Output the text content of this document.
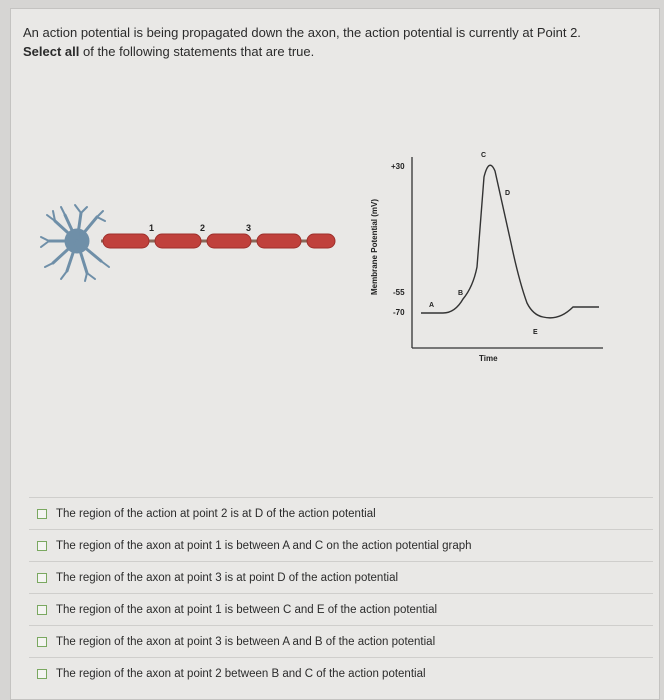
An action potential is being propagated down the axon, the action potential is currently at Point 2.
Select all of the following statements that are true.
1	2	3	Membrane Potential (mV)
+30
-55
-70
Time
A
B
C
D
E
The region of the action at point 2 is at D of the action potential
The region of the axon at point 1 is between A and C on the action potential graph
The region of the axon at point 3 is at point D of the action potential
The region of the axon at point 1 is between C and E of the action potential
The region of the axon at point 3 is between A and B of the action potential
The region of the axon at point 2 between B and C of the action potential
